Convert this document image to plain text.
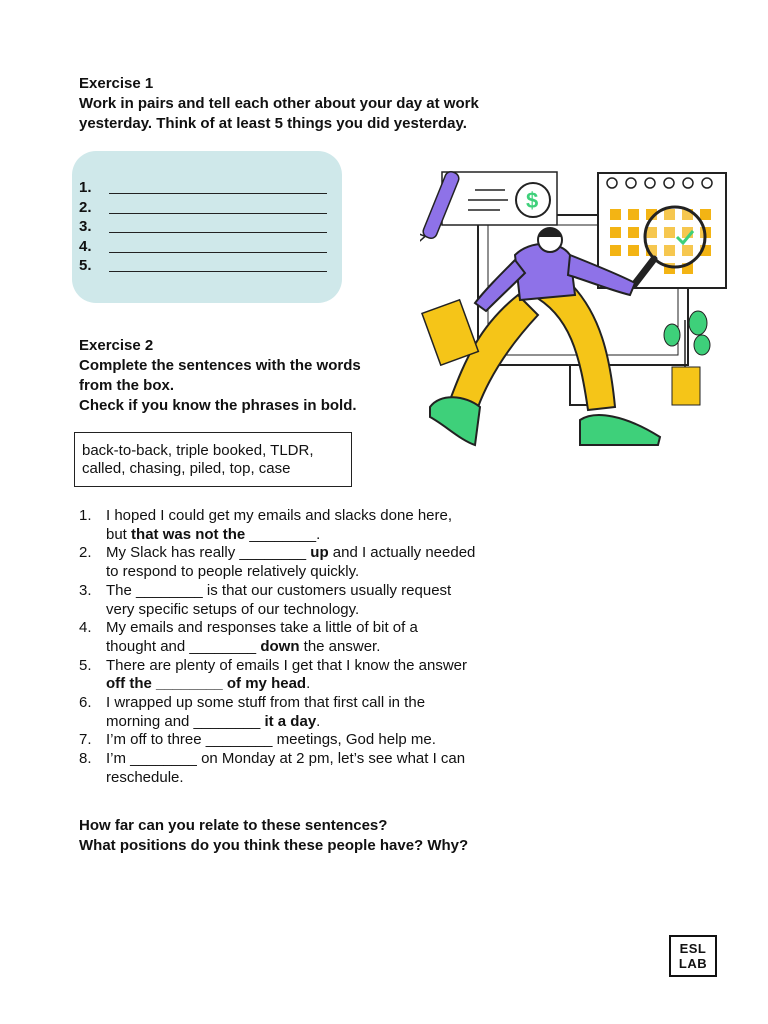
Exercise 1
Work in pairs and tell each other about your day at work
yesterday. Think of at least 5 things you did yesterday.
1.
2.
3.
4.
5.
Exercise 2
Complete the sentences with the words
from the box.
Check if you know the phrases in bold.
back-to-back, triple booked, TLDR,
called, chasing, piled, top, case
1. I hoped I could get my emails and slacks done here,
but that was not the ________.
2. My Slack has really ________ up and I actually needed
to respond to people relatively quickly.
3. The ________ is that our customers usually request
very specific setups of our technology.
4. My emails and responses take a little of bit of a
thought and ________ down the answer.
5. There are plenty of emails I get that I know the answer
off the ________ of my head.
6. I wrapped up some stuff from that first call in the
morning and ________ it a day.
7. I’m off to three ________ meetings, God help me.
8. I’m ________ on Monday at 2 pm, let’s see what I can
reschedule.
How far can you relate to these sentences?
What positions do you think these people have? Why?
ESL
LAB
$
